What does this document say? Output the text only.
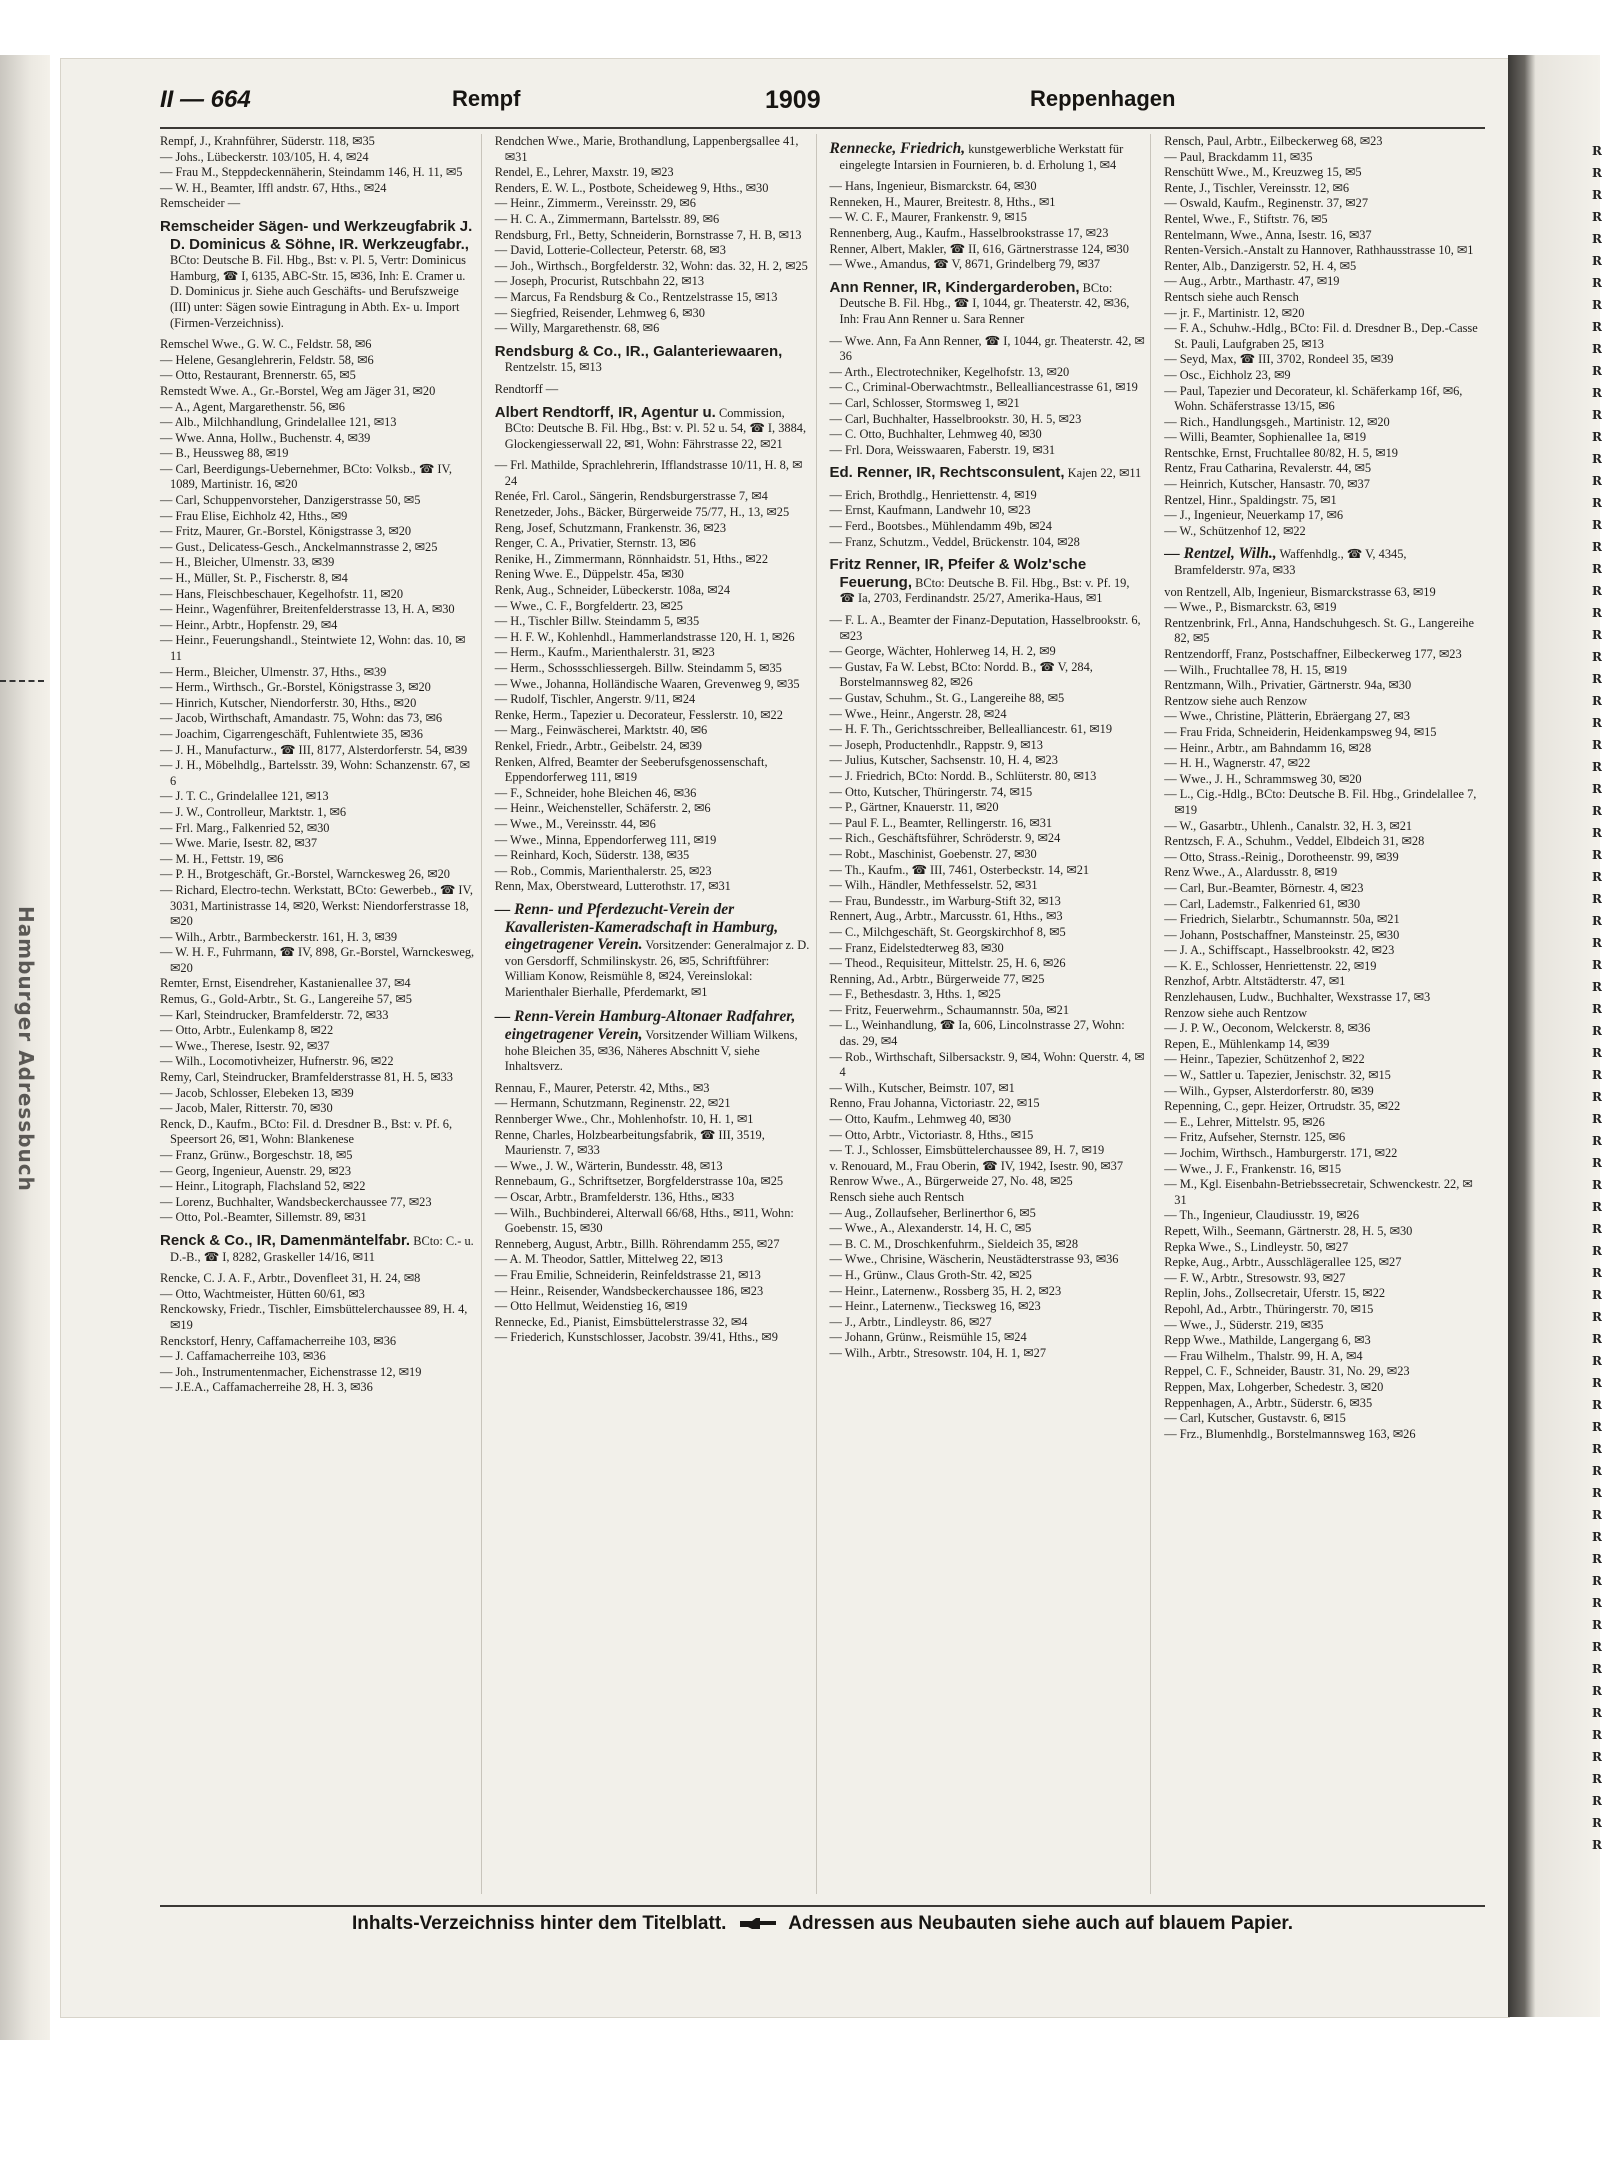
Hamburger Adressbuch
R
R
R
R
R
R
R
R
R
R
R
R
R
R
R
R
R
R
R
R
R
R
R
R
R
R
R
R
R
R
R
R
R
R
R
R
R
R
R
R
R
R
R
R
R
R
R
R
R
R
R
R
R
R
R
R
R
R
R
R
R
R
R
R
R
R
R
R
R
R
R
R
R
R
R
R
R
R
II — 664	Rempf	1909	Reppenhagen

Rempf, J., Krahnführer, Süderstr. 118, ✉35

— Johs., Lübeckerstr. 103/105, H. 4, ✉24

— Frau M., Steppdeckennäherin, Steindamm 146, H. 11, ✉5

— W. H., Beamter, Iffl andstr. 67, Hths., ✉24

Remscheider —

Remscheider Sägen- und Werkzeugfabrik J. D. Dominicus & Söhne, IR. Werkzeugfabr., BCto: Deutsche B. Fil. Hbg., Bst: v. Pl. 5, Vertr: Dominicus Hamburg, ☎ I, 6135, ABC-Str. 15, ✉36, Inh: E. Cramer u. D. Dominicus jr. Siehe auch Geschäfts- und Berufszweige (III) unter: Sägen sowie Eintragung in Abth. Ex- u. Import (Firmen-Verzeichniss).

Remschel Wwe., G. W. C., Feldstr. 58, ✉6

— Helene, Gesanglehrerin, Feldstr. 58, ✉6

— Otto, Restaurant, Brennerstr. 65, ✉5

Remstedt Wwe. A., Gr.-Borstel, Weg am Jäger 31, ✉20

— A., Agent, Margarethenstr. 56, ✉6

— Alb., Milchhandlung, Grindelallee 121, ✉13

— Wwe. Anna, Hollw., Buchenstr. 4, ✉39

— B., Heussweg 88, ✉19

— Carl, Beerdigungs-Uebernehmer, BCto: Volksb., ☎ IV, 1089, Martinistr. 16, ✉20

— Carl, Schuppenvorsteher, Danzigerstrasse 50, ✉5

— Frau Elise, Eichholz 42, Hths., ✉9

— Fritz, Maurer, Gr.-Borstel, Königstrasse 3, ✉20

— Gust., Delicatess-Gesch., Anckelmannstrasse 2, ✉25

— H., Bleicher, Ulmenstr. 33, ✉39

— H., Müller, St. P., Fischerstr. 8, ✉4

— Hans, Fleischbeschauer, Kegelhofstr. 11, ✉20

— Heinr., Wagenführer, Breitenfelderstrasse 13, H. A, ✉30

— Heinr., Arbtr., Hopfenstr. 29, ✉4

— Heinr., Feuerungshandl., Steintwiete 12, Wohn: das. 10, ✉11

— Herm., Bleicher, Ulmenstr. 37, Hths., ✉39

— Herm., Wirthsch., Gr.-Borstel, Königstrasse 3, ✉20

— Hinrich, Kutscher, Niendorferstr. 30, Hths., ✉20

— Jacob, Wirthschaft, Amandastr. 75, Wohn: das 73, ✉6

— Joachim, Cigarrengeschäft, Fuhlentwiete 35, ✉36

— J. H., Manufacturw., ☎ III, 8177, Alsterdorferstr. 54, ✉39

— J. H., Möbelhdlg., Bartelsstr. 39, Wohn: Schanzenstr. 67, ✉6

— J. T. C., Grindelallee 121, ✉13

— J. W., Controlleur, Marktstr. 1, ✉6

— Frl. Marg., Falkenried 52, ✉30

— Wwe. Marie, Isestr. 82, ✉37

— M. H., Fettstr. 19, ✉6

— P. H., Brotgeschäft, Gr.-Borstel, Warnckesweg 26, ✉20

— Richard, Electro-techn. Werkstatt, BCto: Gewerbeb., ☎ IV, 3031, Martinistrasse 14, ✉20, Werkst: Niendorferstrasse 18, ✉20

— Wilh., Arbtr., Barmbeckerstr. 161, H. 3, ✉39

— W. H. F., Fuhrmann, ☎ IV, 898, Gr.-Borstel, Warnckesweg, ✉20

Remter, Ernst, Eisendreher, Kastanienallee 37, ✉4

Remus, G., Gold-Arbtr., St. G., Langereihe 57, ✉5

— Karl, Steindrucker, Bramfelderstr. 72, ✉33

— Otto, Arbtr., Eulenkamp 8, ✉22

— Wwe., Therese, Isestr. 92, ✉37

— Wilh., Locomotivheizer, Hufnerstr. 96, ✉22

Remy, Carl, Steindrucker, Bramfelderstrasse 81, H. 5, ✉33

— Jacob, Schlosser, Elebeken 13, ✉39

— Jacob, Maler, Ritterstr. 70, ✉30

Renck, D., Kaufm., BCto: Fil. d. Dresdner B., Bst: v. Pf. 6, Speersort 26, ✉1, Wohn: Blankenese

— Franz, Grünw., Borgeschstr. 18, ✉5

— Georg, Ingenieur, Auenstr. 29, ✉23

— Heinr., Litograph, Flachsland 52, ✉22

— Lorenz, Buchhalter, Wandsbeckerchaussee 77, ✉23

— Otto, Pol.-Beamter, Sillemstr. 89, ✉31

Renck & Co., IR, Damenmäntelfabr. BCto: C.- u. D.-B., ☎ I, 8282, Graskeller 14/16, ✉11

Rencke, C. J. A. F., Arbtr., Dovenfleet 31, H. 24, ✉8

— Otto, Wachtmeister, Hütten 60/61, ✉3

Renckowsky, Friedr., Tischler, Eimsbüttelerchaussee 89, H. 4, ✉19

Renckstorf, Henry, Caffamacherreihe 103, ✉36

— J. Caffamacherreihe 103, ✉36

— Joh., Instrumentenmacher, Eichenstrasse 12, ✉19

— J.E.A., Caffamacherreihe 28, H. 3, ✉36

Rendchen Wwe., Marie, Brothandlung, Lappenbergsallee 41, ✉31

Rendel, E., Lehrer, Maxstr. 19, ✉23

Renders, E. W. L., Postbote, Scheideweg 9, Hths., ✉30

— Heinr., Zimmerm., Vereinsstr. 29, ✉6

— H. C. A., Zimmermann, Bartelsstr. 89, ✉6

Rendsburg, Frl., Betty, Schneiderin, Bornstrasse 7, H. B, ✉13

— David, Lotterie-Collecteur, Peterstr. 68, ✉3

— Joh., Wirthsch., Borgfelderstr. 32, Wohn: das. 32, H. 2, ✉25

— Joseph, Procurist, Rutschbahn 22, ✉13

— Marcus, Fa Rendsburg & Co., Rentzelstrasse 15, ✉13

— Siegfried, Reisender, Lehmweg 6, ✉30

— Willy, Margarethenstr. 68, ✉6

Rendsburg & Co., IR., Galanteriewaaren, Rentzelstr. 15, ✉13

Rendtorff —

Albert Rendtorff, IR, Agentur u. Commission, BCto: Deutsche B. Fil. Hbg., Bst: v. Pl. 52 u. 54, ☎ I, 3884, Glockengiesserwall 22, ✉1, Wohn: Fährstrasse 22, ✉21

— Frl. Mathilde, Sprachlehrerin, Ifflandstrasse 10/11, H. 8, ✉24

Renée, Frl. Carol., Sängerin, Rendsburgerstrasse 7, ✉4

Renetzeder, Johs., Bäcker, Bürgerweide 75/77, H., 13, ✉25

Reng, Josef, Schutzmann, Frankenstr. 36, ✉23

Renger, C. A., Privatier, Sternstr. 13, ✉6

Renike, H., Zimmermann, Rönnhaidstr. 51, Hths., ✉22

Rening Wwe. E., Düppelstr. 45a, ✉30

Renk, Aug., Schneider, Lübeckerstr. 108a, ✉24

— Wwe., C. F., Borgfeldertr. 23, ✉25

— H., Tischler Billw. Steindamm 5, ✉35

— H. F. W., Kohlenhdl., Hammerlandstrasse 120, H. 1, ✉26

— Herm., Kaufm., Marienthalerstr. 31, ✉23

— Herm., Schossschliessergeh. Billw. Steindamm 5, ✉35

— Wwe., Johanna, Holländische Waaren, Grevenweg 9, ✉35

— Rudolf, Tischler, Angerstr. 9/11, ✉24

Renke, Herm., Tapezier u. Decorateur, Fesslerstr. 10, ✉22

— Marg., Feinwäscherei, Marktstr. 40, ✉6

Renkel, Friedr., Arbtr., Geibelstr. 24, ✉39

Renken, Alfred, Beamter der Seeberufsgenossenschaft, Eppendorferweg 111, ✉19

— F., Schneider, hohe Bleichen 46, ✉36

— Heinr., Weichensteller, Schäferstr. 2, ✉6

— Wwe., M., Vereinsstr. 44, ✉6

— Wwe., Minna, Eppendorferweg 111, ✉19

— Reinhard, Koch, Süderstr. 138, ✉35

— Rob., Commis, Marienthalerstr. 25, ✉23

Renn, Max, Oberstweard, Lutterothstr. 17, ✉31

— Renn- und Pferdezucht-Verein der Kavalleristen-Kameradschaft in Hamburg, eingetragener Verein. Vorsitzender: Generalmajor z. D. von Gersdorff, Schmilinskystr. 26, ✉5, Schriftführer: William Konow, Reismühle 8, ✉24, Vereinslokal: Marienthaler Bierhalle, Pferdemarkt, ✉1
— Renn-Verein Hamburg-Altonaer Radfahrer, eingetragener Verein, Vorsitzender William Wilkens, hohe Bleichen 35, ✉36, Näheres Abschnitt V, siehe Inhaltsverz.

Rennau, F., Maurer, Peterstr. 42, Mths., ✉3

— Hermann, Schutzmann, Reginenstr. 22, ✉21

Rennberger Wwe., Chr., Mohlenhofstr. 10, H. 1, ✉1

Renne, Charles, Holzbearbeitungsfabrik, ☎ III, 3519, Maurienstr. 7, ✉33

— Wwe., J. W., Wärterin, Bundesstr. 48, ✉13

Rennebaum, G., Schriftsetzer, Borgfelderstrasse 10a, ✉25

— Oscar, Arbtr., Bramfelderstr. 136, Hths., ✉33

— Wilh., Buchbinderei, Alterwall 66/68, Hths., ✉11, Wohn: Goebenstr. 15, ✉30

Renneberg, August, Arbtr., Billh. Röhrendamm 255, ✉27

— A. M. Theodor, Sattler, Mittelweg 22, ✉13

— Frau Emilie, Schneiderin, Reinfeldstrasse 21, ✉13

— Heinr., Reisender, Wandsbeckerchaussee 186, ✉23

— Otto Hellmut, Weidenstieg 16, ✉19

Rennecke, Ed., Pianist, Eimsbüttelerstrasse 32, ✉4

— Friederich, Kunstschlosser, Jacobstr. 39/41, Hths., ✉9

Rennecke, Friedrich, kunstgewerbliche Werkstatt für eingelegte Intarsien in Fournieren, b. d. Erholung 1, ✉4

— Hans, Ingenieur, Bismarckstr. 64, ✉30

Renneken, H., Maurer, Breitestr. 8, Hths., ✉1

— W. C. F., Maurer, Frankenstr. 9, ✉15

Rennenberg, Aug., Kaufm., Hasselbrookstrasse 17, ✉23

Renner, Albert, Makler, ☎ II, 616, Gärtnerstrasse 124, ✉30

— Wwe., Amandus, ☎ V, 8671, Grindelberg 79, ✉37

Ann Renner, IR, Kindergarderoben, BCto: Deutsche B. Fil. Hbg., ☎ I, 1044, gr. Theaterstr. 42, ✉36, Inh: Frau Ann Renner u. Sara Renner

— Wwe. Ann, Fa Ann Renner, ☎ I, 1044, gr. Theaterstr. 42, ✉36

— Arth., Electrotechniker, Kegelhofstr. 13, ✉20

— C., Criminal-Oberwachtmstr., Bellealliancestrasse 61, ✉19

— Carl, Schlosser, Stormsweg 1, ✉21

— Carl, Buchhalter, Hasselbrookstr. 30, H. 5, ✉23

— C. Otto, Buchhalter, Lehmweg 40, ✉30

— Frl. Dora, Weisswaaren, Faberstr. 19, ✉31

Ed. Renner, IR, Rechtsconsulent, Kajen 22, ✉11

— Erich, Brothdlg., Henriettenstr. 4, ✉19

— Ernst, Kaufmann, Landwehr 10, ✉23

— Ferd., Bootsbes., Mühlendamm 49b, ✉24

— Franz, Schutzm., Veddel, Brückenstr. 104, ✉28

Fritz Renner, IR, Pfeifer & Wolz'sche Feuerung, BCto: Deutsche B. Fil. Hbg., Bst: v. Pf. 19, ☎ Ia, 2703, Ferdinandstr. 25/27, Amerika-Haus, ✉1

— F. L. A., Beamter der Finanz-Deputation, Hasselbrookstr. 6, ✉23

— George, Wächter, Hohlerweg 14, H. 2, ✉9

— Gustav, Fa W. Lebst, BCto: Nordd. B., ☎ V, 284, Borstelmannsweg 82, ✉26

— Gustav, Schuhm., St. G., Langereihe 88, ✉5

— Wwe., Heinr., Angerstr. 28, ✉24

— H. F. Th., Gerichtsschreiber, Bellealliancestr. 61, ✉19

— Joseph, Productenhdlr., Rappstr. 9, ✉13

— Julius, Kutscher, Sachsenstr. 10, H. 4, ✉23

— J. Friedrich, BCto: Nordd. B., Schlüterstr. 80, ✉13

— Otto, Kutscher, Thüringerstr. 74, ✉15

— P., Gärtner, Knauerstr. 11, ✉20

— Paul F. L., Beamter, Rellingerstr. 16, ✉31

— Rich., Geschäftsführer, Schröderstr. 9, ✉24

— Robt., Maschinist, Goebenstr. 27, ✉30

— Th., Kaufm., ☎ III, 7461, Osterbeckstr. 14, ✉21

— Wilh., Händler, Methfesselstr. 52, ✉31

— Frau, Bundesstr., im Warburg-Stift 32, ✉13

Rennert, Aug., Arbtr., Marcusstr. 61, Hths., ✉3

— C., Milchgeschäft, St. Georgskirchhof 8, ✉5

— Franz, Eidelstedterweg 83, ✉30

— Theod., Requisiteur, Mittelstr. 25, H. 6, ✉26

Renning, Ad., Arbtr., Bürgerweide 77, ✉25

— F., Bethesdastr. 3, Hths. 1, ✉25

— Fritz, Feuerwehrm., Schaumannstr. 50a, ✉21

— L., Weinhandlung, ☎ Ia, 606, Lincolnstrasse 27, Wohn: das. 29, ✉4

— Rob., Wirthschaft, Silbersackstr. 9, ✉4, Wohn: Querstr. 4, ✉4

— Wilh., Kutscher, Beimstr. 107, ✉1

Renno, Frau Johanna, Victoriastr. 22, ✉15

— Otto, Kaufm., Lehmweg 40, ✉30

— Otto, Arbtr., Victoriastr. 8, Hths., ✉15

— T. J., Schlosser, Eimsbüttelerchaussee 89, H. 7, ✉19

v. Renouard, M., Frau Oberin, ☎ IV, 1942, Isestr. 90, ✉37

Renrow Wwe., A., Bürgerweide 27, No. 48, ✉25

Rensch siehe auch Rentsch

— Aug., Zollaufseher, Berlinerthor 6, ✉5

— Wwe., A., Alexanderstr. 14, H. C, ✉5

— B. C. M., Droschkenfuhrm., Sieldeich 35, ✉28

— Wwe., Chrisine, Wäscherin, Neustädterstrasse 93, ✉36

— H., Grünw., Claus Groth-Str. 42, ✉25

— Heinr., Laternenw., Rossberg 35, H. 2, ✉23

— Heinr., Laternenw., Tiecksweg 16, ✉23

— J., Arbtr., Lindleystr. 86, ✉27

— Johann, Grünw., Reismühle 15, ✉24

— Wilh., Arbtr., Stresowstr. 104, H. 1, ✉27

Rensch, Paul, Arbtr., Eilbeckerweg 68, ✉23

— Paul, Brackdamm 11, ✉35

Renschütt Wwe., M., Kreuzweg 15, ✉5

Rente, J., Tischler, Vereinsstr. 12, ✉6

— Oswald, Kaufm., Reginenstr. 37, ✉27

Rentel, Wwe., F., Stiftstr. 76, ✉5

Rentelmann, Wwe., Anna, Isestr. 16, ✉37

Renten-Versich.-Anstalt zu Hannover, Rathhausstrasse 10, ✉1

Renter, Alb., Danzigerstr. 52, H. 4, ✉5

— Aug., Arbtr., Marthastr. 47, ✉19

Rentsch siehe auch Rensch

— jr. F., Martinistr. 12, ✉20

— F. A., Schuhw.-Hdlg., BCto: Fil. d. Dresdner B., Dep.-Casse St. Pauli, Laufgraben 25, ✉13

— Seyd, Max, ☎ III, 3702, Rondeel 35, ✉39

— Osc., Eichholz 23, ✉9

— Paul, Tapezier und Decorateur, kl. Schäferkamp 16f, ✉6, Wohn. Schäferstrasse 13/15, ✉6

— Rich., Handlungsgeh., Martinistr. 12, ✉20

— Willi, Beamter, Sophienallee 1a, ✉19

Rentschke, Ernst, Fruchtallee 80/82, H. 5, ✉19

Rentz, Frau Catharina, Revalerstr. 44, ✉5

— Heinrich, Kutscher, Hansastr. 70, ✉37

Rentzel, Hinr., Spaldingstr. 75, ✉1

— J., Ingenieur, Neuerkamp 17, ✉6

— W., Schützenhof 12, ✉22

— Rentzel, Wilh., Waffenhdlg., ☎ V, 4345, Bramfelderstr. 97a, ✉33

von Rentzell, Alb, Ingenieur, Bismarckstrasse 63, ✉19

— Wwe., P., Bismarckstr. 63, ✉19

Rentzenbrink, Frl., Anna, Handschuhgesch. St. G., Langereihe 82, ✉5

Rentzendorff, Franz, Postschaffner, Eilbeckerweg 177, ✉23

— Wilh., Fruchtallee 78, H. 15, ✉19

Rentzmann, Wilh., Privatier, Gärtnerstr. 94a, ✉30

Rentzow siehe auch Renzow

— Wwe., Christine, Plätterin, Ebräergang 27, ✉3

— Frau Frida, Schneiderin, Heidenkampsweg 94, ✉15

— Heinr., Arbtr., am Bahndamm 16, ✉28

— H. H., Wagnerstr. 47, ✉22

— Wwe., J. H., Schrammsweg 30, ✉20

— L., Cig.-Hdlg., BCto: Deutsche B. Fil. Hbg., Grindelallee 7, ✉19

— W., Gasarbtr., Uhlenh., Canalstr. 32, H. 3, ✉21

Rentzsch, F. A., Schuhm., Veddel, Elbdeich 31, ✉28

— Otto, Strass.-Reinig., Dorotheenstr. 99, ✉39

Renz Wwe., A., Alardusstr. 8, ✉19

— Carl, Bur.-Beamter, Börnestr. 4, ✉23

— Carl, Lademstr., Falkenried 61, ✉30

— Friedrich, Sielarbtr., Schumannstr. 50a, ✉21

— Johann, Postschaffner, Mansteinstr. 25, ✉30

— J. A., Schiffscapt., Hasselbrookstr. 42, ✉23

— K. E., Schlosser, Henriettenstr. 22, ✉19

Renzhof, Arbtr. Altstädterstr. 47, ✉1

Renzlehausen, Ludw., Buchhalter, Wexstrasse 17, ✉3

Renzow siehe auch Rentzow

— J. P. W., Oeconom, Welckerstr. 8, ✉36

Repen, E., Mühlenkamp 14, ✉39

— Heinr., Tapezier, Schützenhof 2, ✉22

— W., Sattler u. Tapezier, Jenischstr. 32, ✉15

— Wilh., Gypser, Alsterdorferstr. 80, ✉39

Repenning, C., gepr. Heizer, Ortrudstr. 35, ✉22

— E., Lehrer, Mittelstr. 95, ✉26

— Fritz, Aufseher, Sternstr. 125, ✉6

— Jochim, Wirthsch., Hamburgerstr. 171, ✉22

— Wwe., J. F., Frankenstr. 16, ✉15

— M., Kgl. Eisenbahn-Betriebssecretair, Schwenckestr. 22, ✉31

— Th., Ingenieur, Claudiusstr. 19, ✉26

Repett, Wilh., Seemann, Gärtnerstr. 28, H. 5, ✉30

Repka Wwe., S., Lindleystr. 50, ✉27

Repke, Aug., Arbtr., Ausschlägerallee 125, ✉27

— F. W., Arbtr., Stresowstr. 93, ✉27

Replin, Johs., Zollsecretair, Uferstr. 15, ✉22

Repohl, Ad., Arbtr., Thüringerstr. 70, ✉15

— Wwe., J., Süderstr. 219, ✉35

Repp Wwe., Mathilde, Langergang 6, ✉3

— Frau Wilhelm., Thalstr. 99, H. A, ✉4

Reppel, C. F., Schneider, Baustr. 31, No. 29, ✉23

Reppen, Max, Lohgerber, Schedestr. 3, ✉20

Reppenhagen, A., Arbtr., Süderstr. 6, ✉35

— Carl, Kutscher, Gustavstr. 6, ✉15

— Frz., Blumenhdlg., Borstelmannsweg 163, ✉26

Inhalts-Verzeichniss hinter dem Titelblatt.	Adressen aus Neubauten siehe auch auf blauem Papier.
